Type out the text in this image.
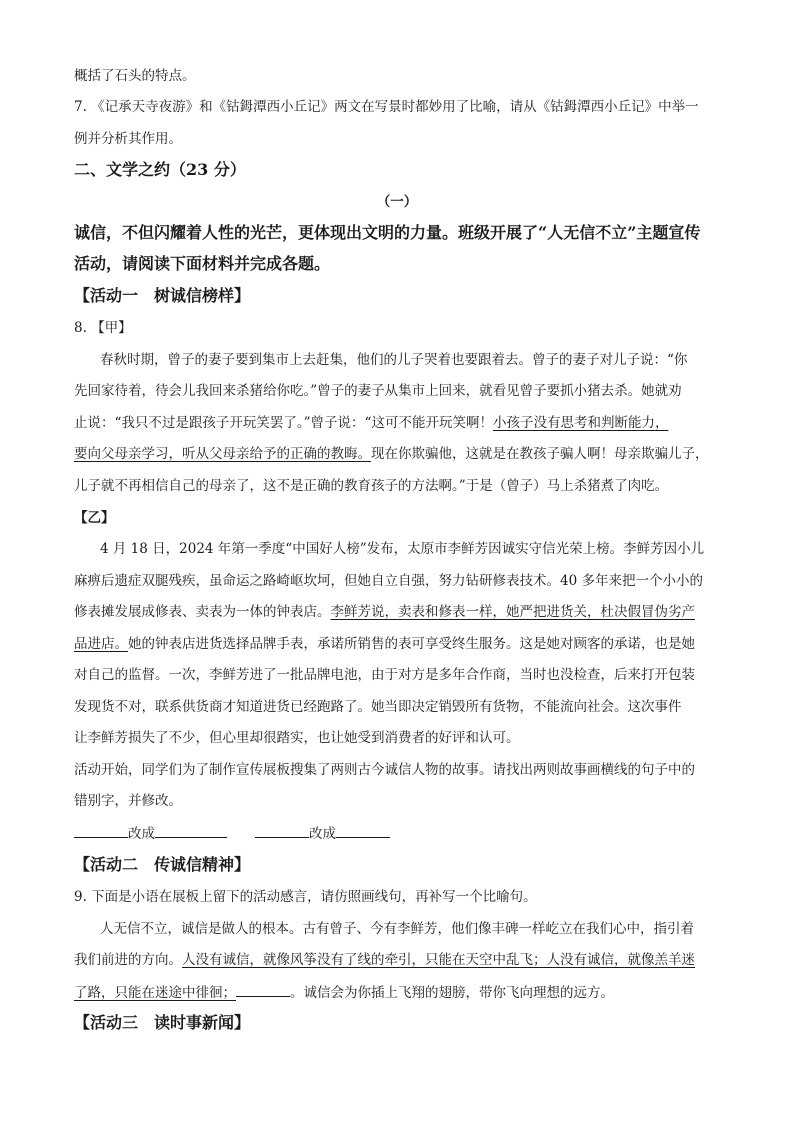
概括了石头的特点。
7. 《记承天寺夜游》和《钴鉧潭西小丘记》两文在写景时都妙用了比喻，请从《钴鉧潭西小丘记》中举一
例并分析其作用。
二、文学之约（23 分）
（一）
诚信，不但闪耀着人性的光芒，更体现出文明的力量。班级开展了“人无信不立”主题宣传
活动，请阅读下面材料并完成各题。
【活动一　树诚信榜样】
8. 【甲】
春秋时期，曾子的妻子要到集市上去赶集，他们的儿子哭着也要跟着去。曾子的妻子对儿子说：“你
先回家待着，待会儿我回来杀猪给你吃。”曾子的妻子从集市上回来，就看见曾子要抓小猪去杀。她就劝
止说：“我只不过是跟孩子开玩笑罢了。”曾子说：“这可不能开玩笑啊！小孩子没有思考和判断能力，
要向父母亲学习，听从父母亲给予的正确的教晦。现在你欺骗他，这就是在教孩子骗人啊！母亲欺骗儿子，
儿子就不再相信自己的母亲了，这不是正确的教育孩子的方法啊。”于是（曾子）马上杀猪煮了肉吃。
【乙】
4 月 18 日，2024 年第一季度“中国好人榜”发布，太原市李鲜芳因诚实守信光荣上榜。李鲜芳因小儿
麻痹后遗症双腿残疾，虽命运之路崎岖坎坷，但她自立自强，努力钻研修表技术。40 多年来把一个小小的
修表摊发展成修表、卖表为一体的钟表店。李鲜芳说，卖表和修表一样，她严把进货关，杜决假冒伪劣产
品进店。她的钟表店进货选择品牌手表，承诺所销售的表可享受终生服务。这是她对顾客的承诺，也是她
对自己的监督。一次，李鲜芳进了一批品牌电池，由于对方是多年合作商，当时也没检查，后来打开包装
发现货不对，联系供货商才知道进货已经跑路了。她当即决定销毁所有货物，不能流向社会。这次事件
让李鲜芳损失了不少，但心里却很踏实，也让她受到消费者的好评和认可。
活动开始，同学们为了制作宣传展板搜集了两则古今诚信人物的故事。请找出两则故事画横线的句子中的
错别字，并修改。
改成	改成
【活动二　传诚信精神】
9. 下面是小语在展板上留下的活动感言，请仿照画线句，再补写一个比喻句。
人无信不立，诚信是做人的根本。古有曾子、今有李鲜芳，他们像丰碑一样屹立在我们心中，指引着
我们前进的方向。人没有诚信，就像风筝没有了线的牵引，只能在天空中乱飞；人没有诚信，就像羔羊迷
了路，只能在迷途中徘徊；	。诚信会为你插上飞翔的翅膀，带你飞向理想的远方。
【活动三　读时事新闻】
